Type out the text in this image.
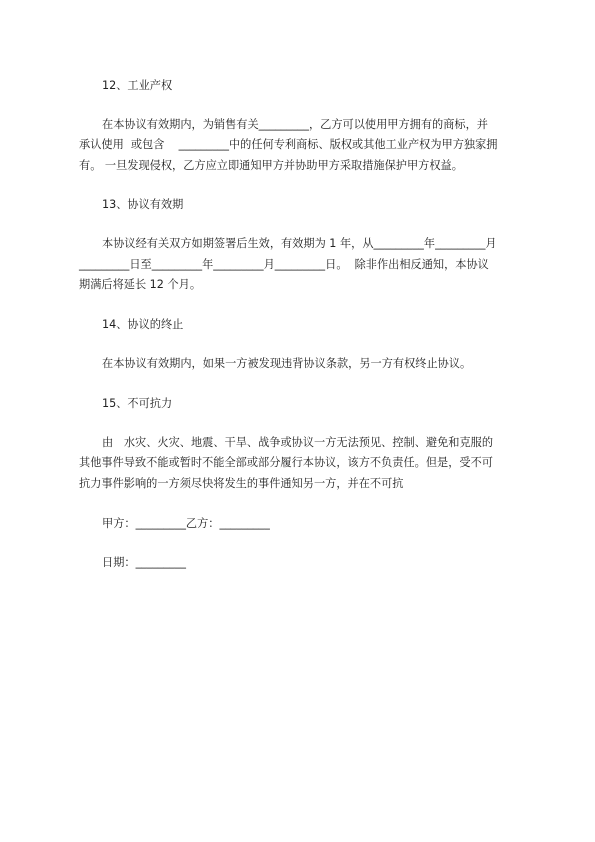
12、工业产权
在本协议有效期内，为销售有关_________，乙方可以使用甲方拥有的商标，并
承认使用  或包含    _________中的任何专利商标、版权或其他工业产权为甲方独家拥
有。 一旦发现侵权，乙方应立即通知甲方并协助甲方采取措施保护甲方权益。
13、协议有效期
本协议经有关双方如期签署后生效，有效期为 1 年，从_________年_________月
_________日至_________年_________月_________日。  除非作出相反通知，本协议
期满后将延长 12 个月。
14、协议的终止
在本协议有效期内，如果一方被发现违背协议条款，另一方有权终止协议。
15、不可抗力
由   水灾、火灾、地震、干旱、战争或协议一方无法预见、控制、避免和克服的
其他事件导致不能或暂时不能全部或部分履行本协议，该方不负责任。但是，受不可
抗力事件影响的一方须尽快将发生的事件通知另一方，并在不可抗
甲方：_________乙方：_________
日期：_________
